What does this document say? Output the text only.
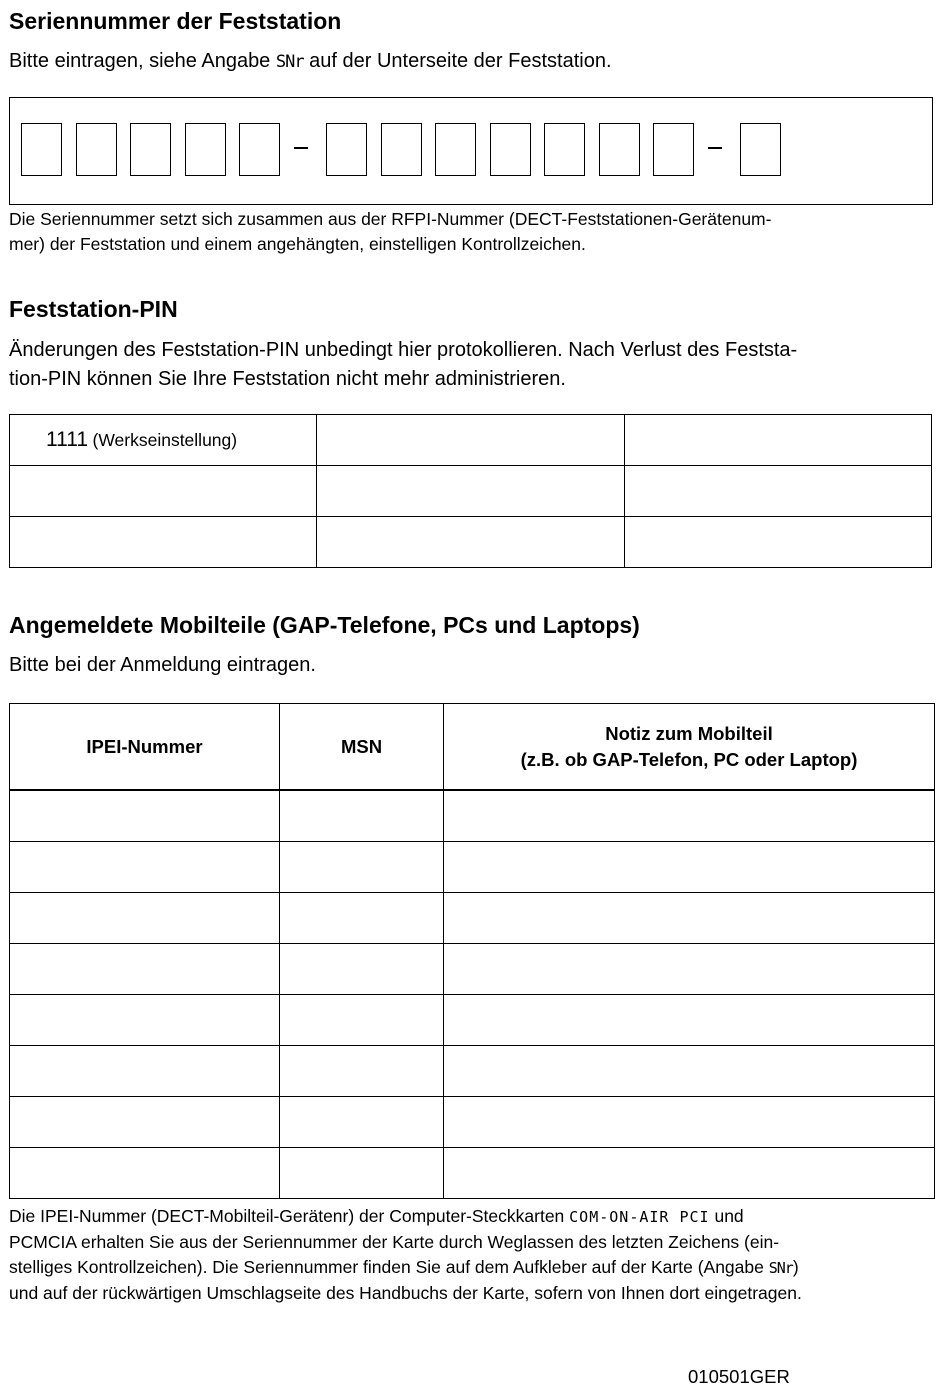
Seriennummer der Feststation

Bitte eintragen, siehe Angabe SNr auf der Unterseite der Feststation.

Die Seriennummer setzt sich zusammen aus der RFPI-Nummer (DECT-Feststationen-Gerätenum-
mer) der Feststation und einem angehängten, einstelligen Kontrollzeichen.

Feststation-PIN

Änderungen des Feststation-PIN unbedingt hier protokollieren. Nach Verlust des Feststa-
tion-PIN können Sie Ihre Feststation nicht mehr administrieren.

1111 (Werkseinstellung)		

Angemeldete Mobilteile (GAP-Telefone, PCs und Laptops)

Bitte bei der Anmeldung eintragen.

IPEI-Nummer	MSN	Notiz zum Mobilteil
(z.B. ob GAP-Telefon, PC oder Laptop)

Die IPEI-Nummer (DECT-Mobilteil-Gerätenr) der Computer-Steckkarten COM-ON-AIR PCI und
PCMCIA erhalten Sie aus der Seriennummer der Karte durch Weglassen des letzten Zeichens (ein-
stelliges Kontrollzeichen). Die Seriennummer finden Sie auf dem Aufkleber auf der Karte (Angabe SNr)
und auf der rückwärtigen Umschlagseite des Handbuchs der Karte, sofern von Ihnen dort eingetragen.

010501GER
